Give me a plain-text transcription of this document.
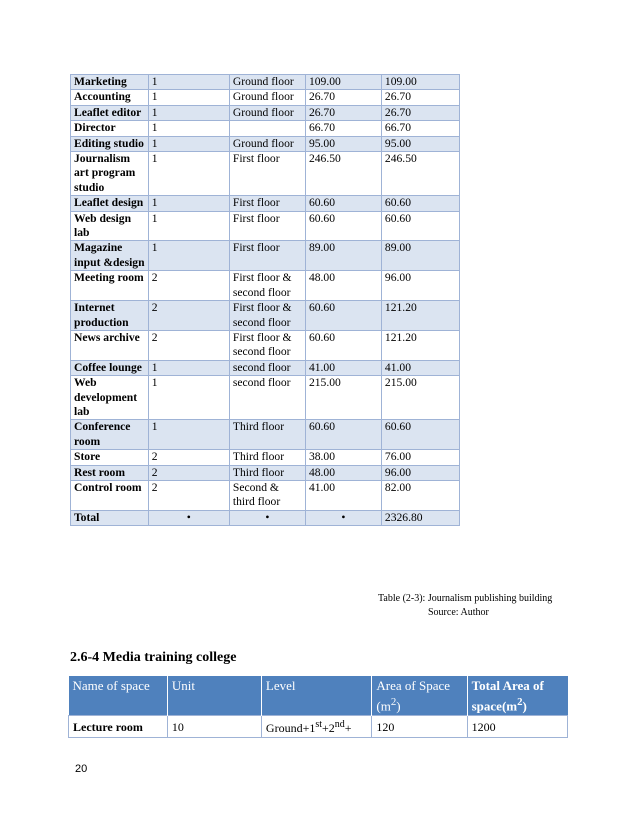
Marketing	1	Ground floor	109.00	109.00
Accounting	1	Ground floor	26.70	26.70
Leaflet editor	1	Ground floor	26.70	26.70
Director	1		66.70	66.70
Editing studio	1	Ground floor	95.00	95.00
Journalism art program studio	1	First floor	246.50	246.50
Leaflet design	1	First floor	60.60	60.60
Web design lab	1	First floor	60.60	60.60
Magazine input &design	1	First floor	89.00	89.00
Meeting room	2	First floor & second floor	48.00	96.00
Internet production	2	First floor & second floor	60.60	121.20
News archive	2	First floor & second floor	60.60	121.20
Coffee lounge	1	second floor	41.00	41.00
Web development lab	1	second floor	215.00	215.00
Conference room	1	Third floor	60.60	60.60
Store	2	Third floor	38.00	76.00
Rest room	2	Third floor	48.00	96.00
Control room	2	Second & third floor	41.00	82.00
Total	•	•	•	2326.80
Table (2-3): Journalism publishing building
Source: Author
2.6-4 Media training college
Name of space	Unit	Level	Area of Space $(m^2)$	Total Area of $space(m^2)$
Lecture room	10	Ground+1st+2nd+	120	1200
20
